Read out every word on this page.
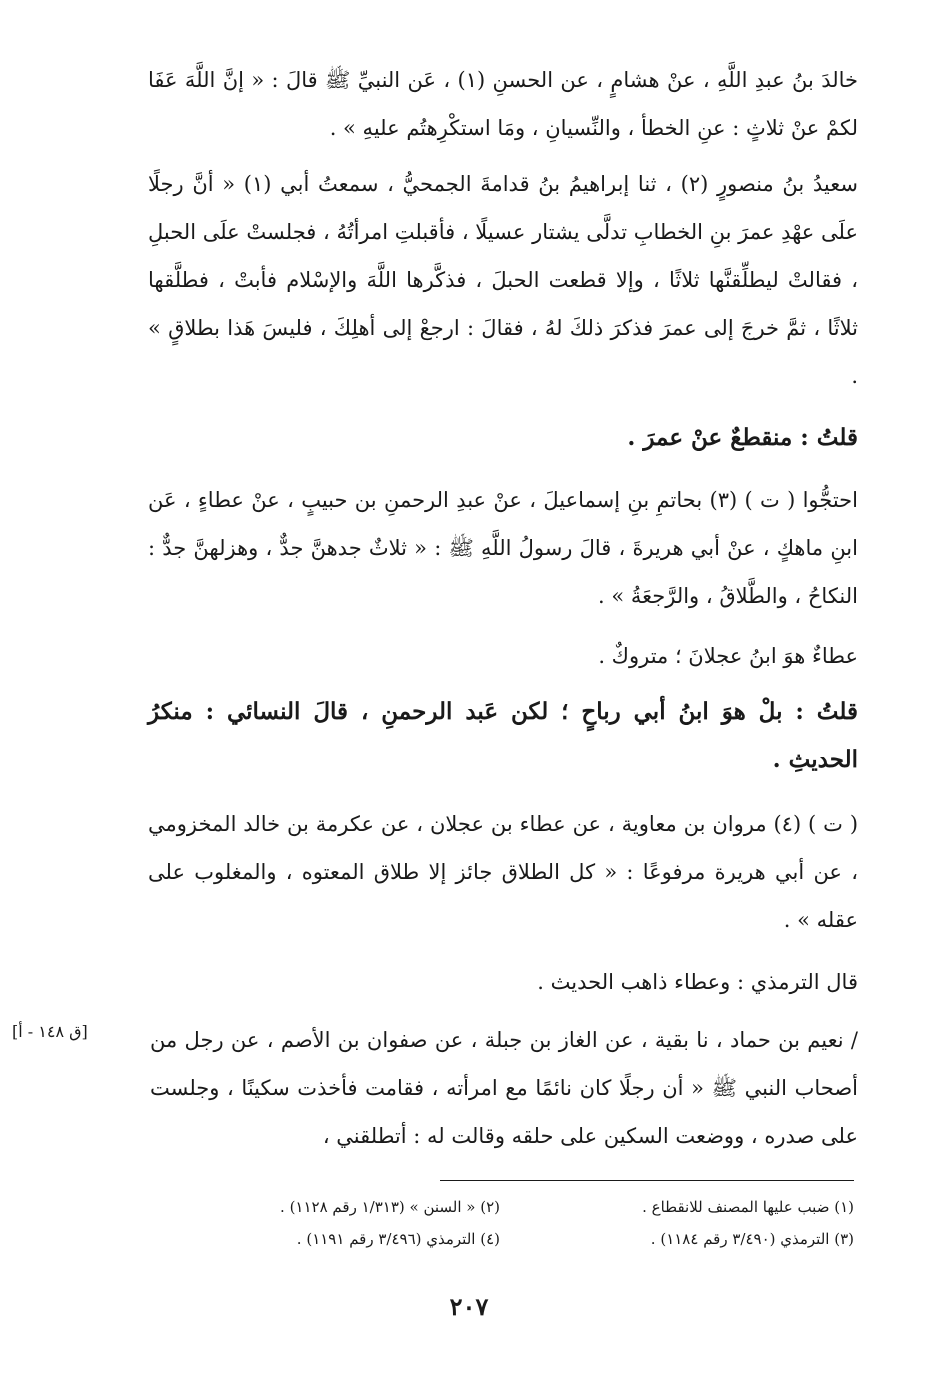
خالدَ بنُ عبدِ اللَّهِ ، عنْ هشامٍ ، عن الحسنِ (١) ، عَن النبيِّ ﷺ قالَ : « إنَّ اللَّهَ عَفَا لكمْ عنْ ثلاثٍ : عنِ الخطأ ، والنِّسيانِ ، ومَا استكْرِهتُم عليهِ » .

سعيدُ بنُ منصورٍ (٢) ، ثنا إبراهيمُ بنُ قدامةَ الجمحيُّ ، سمعتُ أبي (١) « أنَّ رجلًا علَى عهْدِ عمرَ بنِ الخطابِ تدلَّى يشتار عسيلًا ، فأقبلتِ امرأتُهُ ، فجلستْ علَى الحبلِ ، فقالتْ ليطلِّقنَّها ثلاثًا ، وإلا قطعت الحبلَ ، فذكَّرها اللَّهَ والإسْلام فأبتْ ، فطلَّقها ثلاثًا ، ثمَّ خرجَ إلى عمرَ فذكرَ ذلكَ لهُ ، فقالَ : ارجعْ إلى أهلِكَ ، فليسَ هَذا بطلاقٍ » .

قلتُ : منقطعٌ عنْ عمرَ .

احتجُّوا ( ت ) (٣) بحاتمِ بنِ إسماعيلَ ، عنْ عبدِ الرحمنِ بن حبيبٍ ، عنْ عطاءٍ ، عَن ابنِ ماهكٍ ، عنْ أبي هريرةَ ، قالَ رسولُ اللَّهِ ﷺ : « ثلاثٌ جدهنَّ جدٌّ ، وهزلهنَّ جدٌّ : النكاحُ ، والطَّلاقُ ، والرَّجعَةُ » .

عطاءٌ هوَ ابنُ عجلانَ ؛ متروكٌ .

قلتُ : بلْ هوَ ابنُ أبي رباحٍ ؛ لكن عَبد الرحمنِ ، قالَ النسائي : منكرُ الحديثِ .

( ت ) (٤) مروان بن معاوية ، عن عطاء بن عجلان ، عن عكرمة بن خالد المخزومي ، عن أبي هريرة مرفوعًا : « كل الطلاق جائز إلا طلاق المعتوه ، والمغلوب على عقله » .

قال الترمذي : وعطاء ذاهب الحديث .

/ نعيم بن حماد ، نا بقية ، عن الغاز بن جبلة ، عن صفوان بن الأصم ، عن رجل من أصحاب النبي ﷺ « أن رجلًا كان نائمًا مع امرأته ، فقامت فأخذت سكينًا ، وجلست على صدره ، ووضعت السكين على حلقه وقالت له : أتطلقني ،

[ق ١٤٨ - أ]
(١) ضبب عليها المصنف للانقطاع .
(٢) « السنن » (١/٣١٣ رقم ١١٢٨) .
(٣) الترمذي (٣/٤٩٠ رقم ١١٨٤) .
(٤) الترمذي (٣/٤٩٦ رقم ١١٩١) .
٢٠٧
